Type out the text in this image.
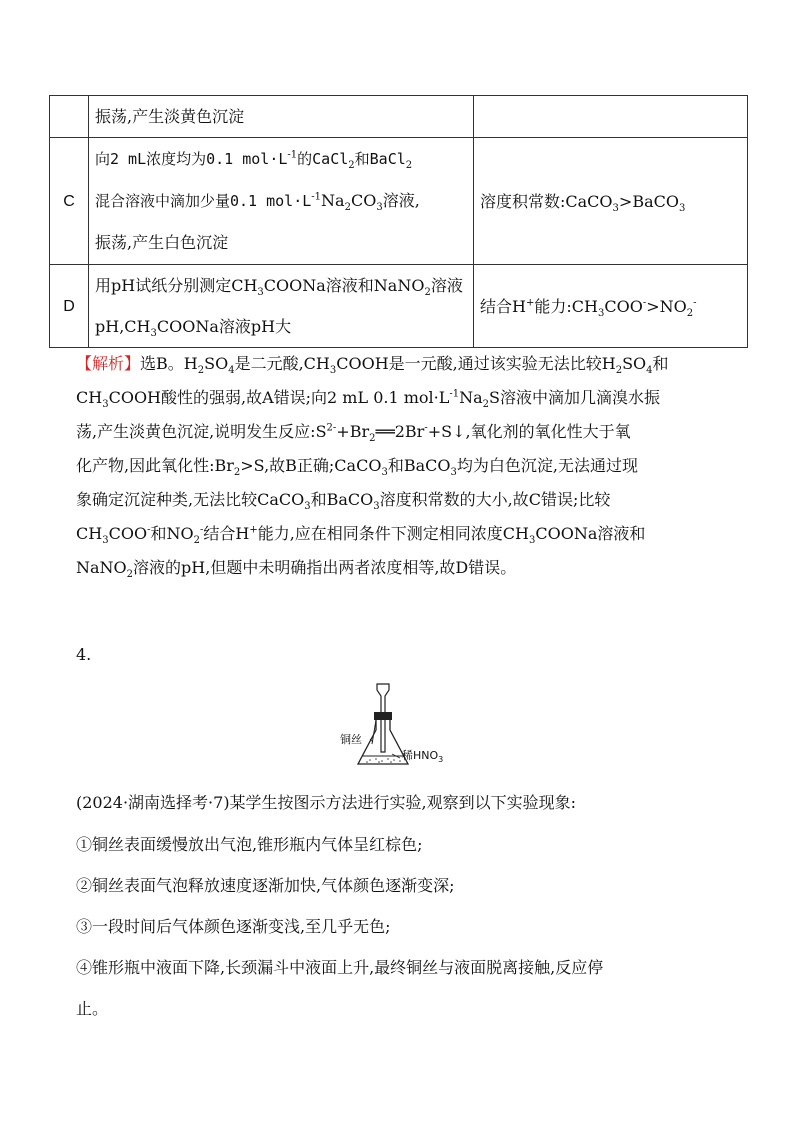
	振荡,产生淡黄色沉淀	
C	向2 mL浓度均为0.1 $mol\cdot L^{-1}$的CaCl$_2$和BaCl$_2$
混合溶液中滴加少量0.1 $mol\cdot L^{-1}Na_2CO_3$溶液,
振荡,产生白色沉淀	溶度积常数:CaCO$_3$>BaCO$_3$
D	用pH试纸分别测定$CH_3COONa$溶液和NaNO$_2$溶液
$pH,CH_3COONa$溶液pH大	结合H+能力$:CH_3COO^->NO_2^-$
【解析】选B。$H_2SO_4$是二元酸$,CH_3COOH$是一元酸,通过该实验无法比较$H_2SO_4$和
$CH_3COOH$酸性的强弱,故A错误;向2 mL 0.1 $mol\cdot L^{-1}Na_2S$溶液中滴加几滴溴水振
荡,产生淡黄色沉淀,说明发生反应$:S^{2-}+Br_2══2Br^-+S↓$,氧化剂的氧化性大于氧
化产物,因此氧化性$:Br_2>S$,故B正确;CaCO$_3$和BaCO$_3$均为白色沉淀,无法通过现
象确定沉淀种类,无法比较CaCO$_3$和BaCO$_3$溶度积常数的大小,故C错误;比较
$CH_3COO^-$和$NO_2^-$结合H+能力,应在相同条件下测定相同浓度$CH_3COONa$溶液和
NaNO$_2$溶液的pH,但题中未明确指出两者浓度相等,故D错误。
4.
铜丝
稀$HNO_3$
(2024·湖南选择考·7)某学生按图示方法进行实验,观察到以下实验现象:
①铜丝表面缓慢放出气泡,锥形瓶内气体呈红棕色;
②铜丝表面气泡释放速度逐渐加快,气体颜色逐渐变深;
③一段时间后气体颜色逐渐变浅,至几乎无色;
④锥形瓶中液面下降,长颈漏斗中液面上升,最终铜丝与液面脱离接触,反应停
止。
